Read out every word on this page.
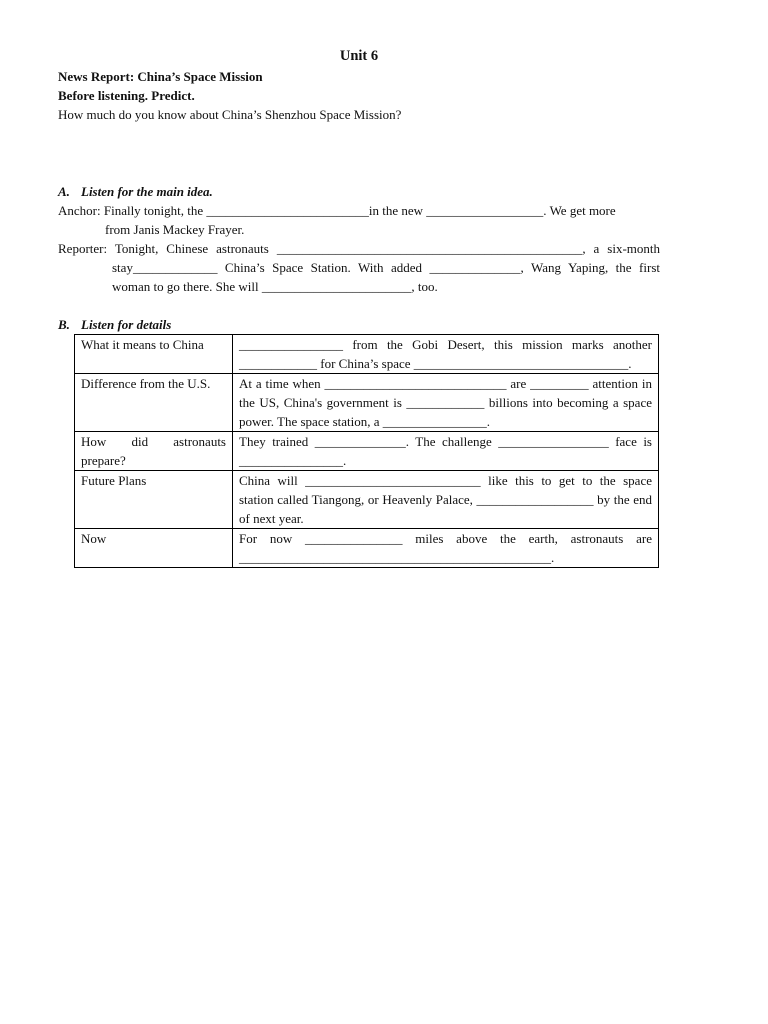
Unit 6
News Report: China’s Space Mission
Before listening. Predict.
How much do you know about China’s Shenzhou Space Mission?
A. Listen for the main idea.
Anchor: Finally tonight, the _________________________in the new __________________. We get more
from Janis Mackey Frayer.
Reporter: Tonight, Chinese astronauts _______________________________________________, a six-month
stay_____________ China’s Space Station. With added ______________, Wang Yaping, the first
woman to go there. She will _______________________, too.
B. Listen for details
What it means to China	________________ from the Gobi Desert, this mission marks another ____________ for China’s space _________________________________.
Difference from the U.S.	At a time when ____________________________ are _________ attention in the US, China's government is ____________ billions into becoming a space power. The space station, a ________________.
How did astronauts prepare?	They trained ______________. The challenge _________________ face is ________________.
Future Plans	China will ___________________________ like this to get to the space station called Tiangong, or Heavenly Palace, __________________ by the end of next year.
Now	For now _______________ miles above the earth, astronauts are ________________________________________________.
